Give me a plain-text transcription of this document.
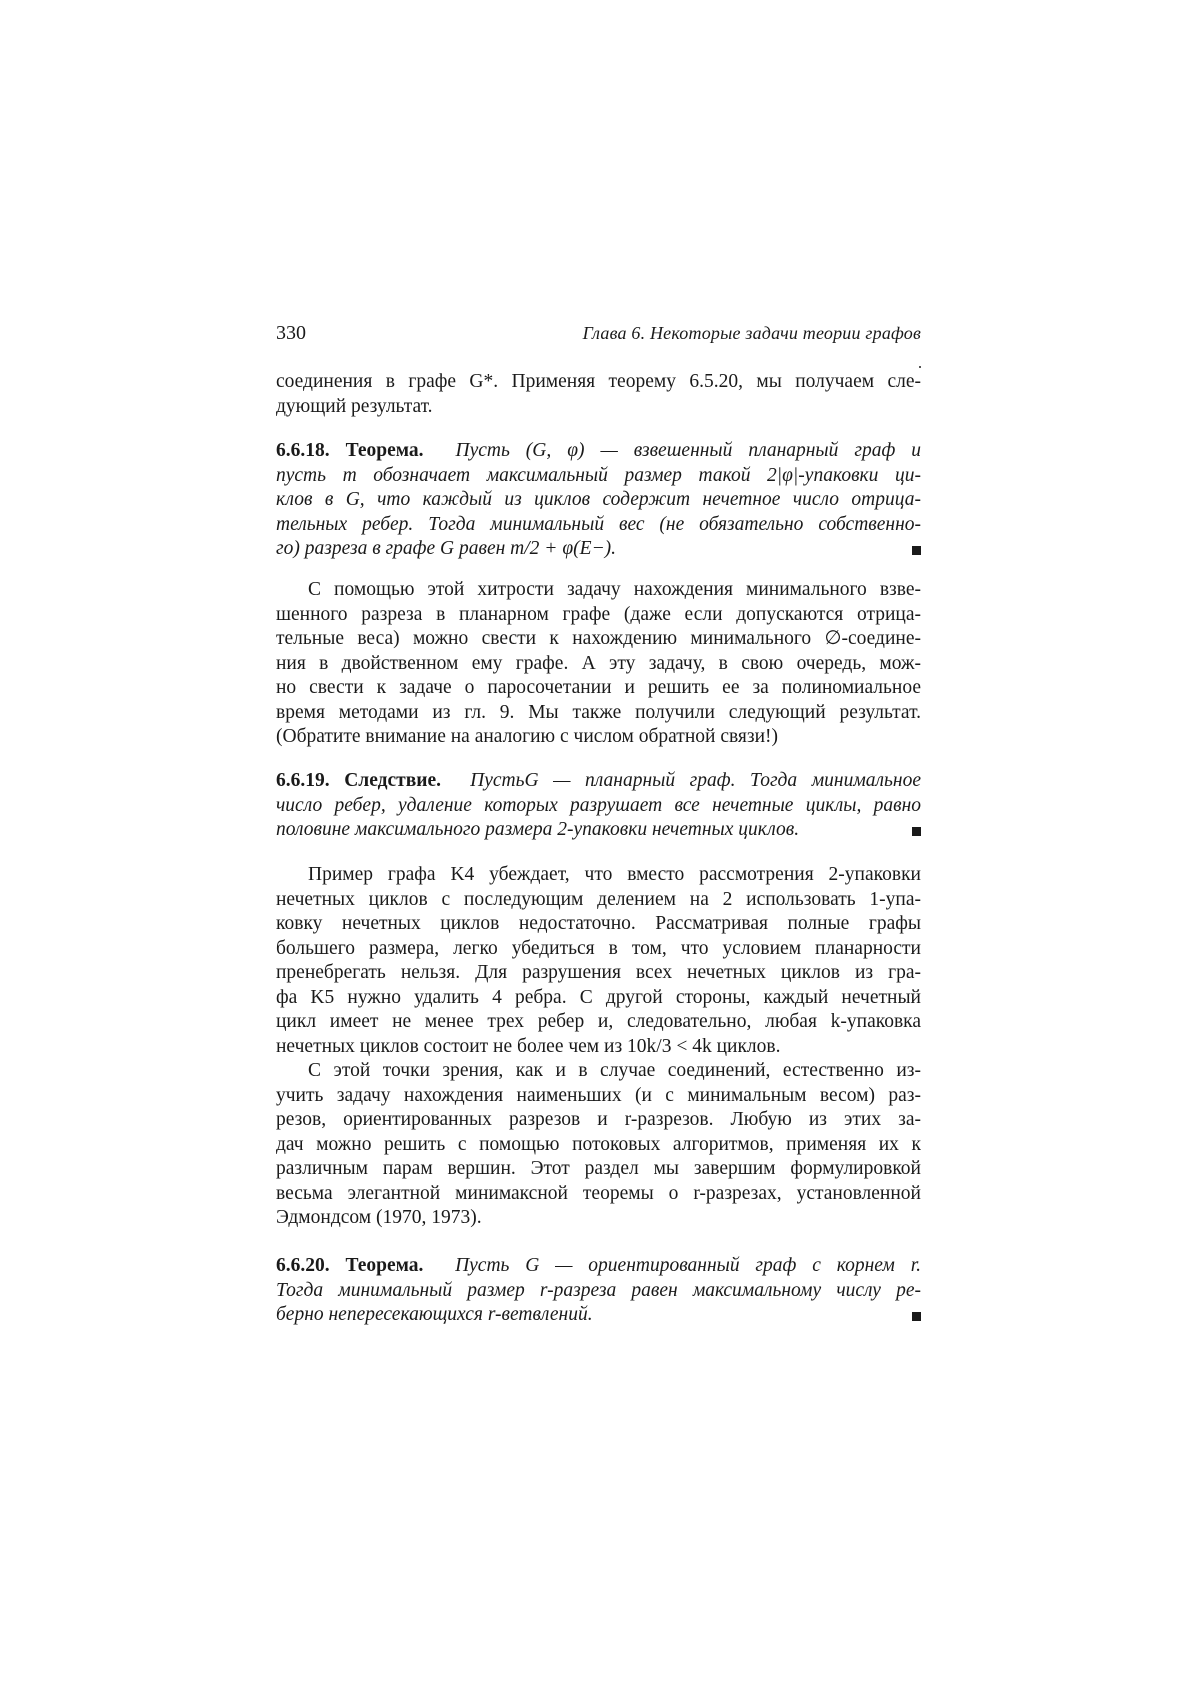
330	Глава 6. Некоторые задачи теории графов
соединения в графе G*. Применяя теорему 6.5.20, мы получаем сле-
дующий результат.
6.6.18. Теорема. Пусть (G, φ) — взвешенный планарный граф и
пусть m обозначает максимальный размер такой 2|φ|-упаковки ци-
клов в G, что каждый из циклов содержит нечетное число отрица-
тельных ребер. Тогда минимальный вес (не обязательно собственно-
го) разреза в графе G равен m/2 + φ(E−).
С помощью этой хитрости задачу нахождения минимального взве-
шенного разреза в планарном графе (даже если допускаются отрица-
тельные веса) можно свести к нахождению минимального ∅-соедине-
ния в двойственном ему графе. А эту задачу, в свою очередь, мож-
но свести к задаче о паросочетании и решить ее за полиномиальное
время методами из гл. 9. Мы также получили следующий результат.
(Обратите внимание на аналогию с числом обратной связи!)
6.6.19. Следствие. ПустьG — планарный граф. Тогда минимальное
число ребер, удаление которых разрушает все нечетные циклы, равно
половине максимального размера 2-упаковки нечетных циклов.
Пример графа K4 убеждает, что вместо рассмотрения 2-упаковки
нечетных циклов с последующим делением на 2 использовать 1-упа-
ковку нечетных циклов недостаточно. Рассматривая полные графы
большего размера, легко убедиться в том, что условием планарности
пренебрегать нельзя. Для разрушения всех нечетных циклов из гра-
фа K5 нужно удалить 4 ребра. С другой стороны, каждый нечетный
цикл имеет не менее трех ребер и, следовательно, любая k-упаковка
нечетных циклов состоит не более чем из 10k/3 < 4k циклов.
С этой точки зрения, как и в случае соединений, естественно из-
учить задачу нахождения наименьших (и с минимальным весом) раз-
резов, ориентированных разрезов и r-разрезов. Любую из этих за-
дач можно решить с помощью потоковых алгоритмов, применяя их к
различным парам вершин. Этот раздел мы завершим формулировкой
весьма элегантной минимаксной теоремы о r-разрезах, установленной
Эдмондсом (1970, 1973).
6.6.20. Теорема. Пусть G — ориентированный граф с корнем r.
Тогда минимальный размер r-разреза равен максимальному числу ре-
берно непересекающихся r-ветвлений.
